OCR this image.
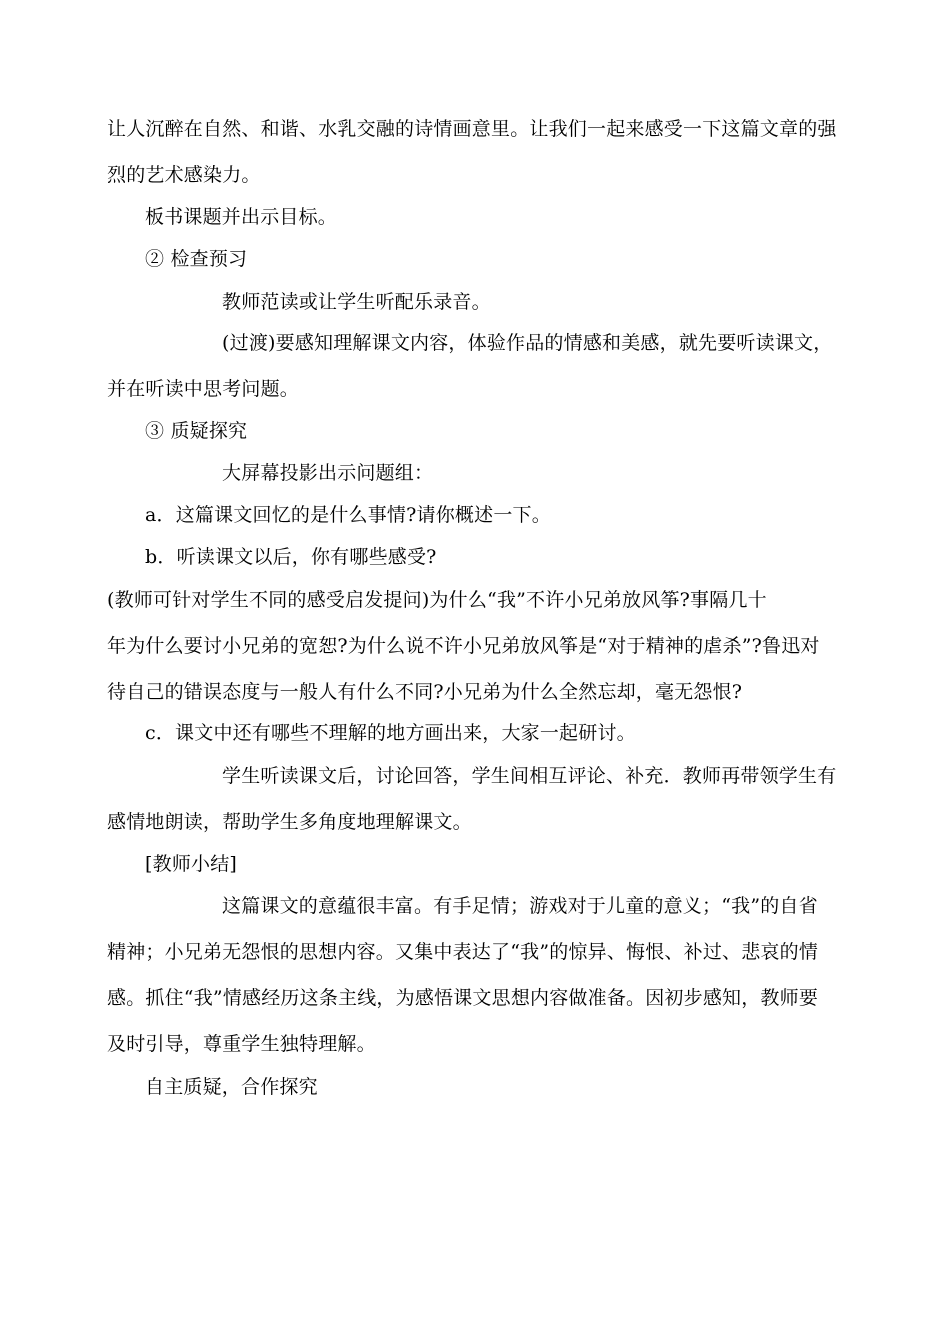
让人沉醉在自然、和谐、水乳交融的诗情画意里。让我们一起来感受一下这篇文章的强
烈的艺术感染力。
板书课题并出示目标。
② 检查预习
教师范读或让学生听配乐录音。
(过渡)要感知理解课文内容，体验作品的情感和美感，就先要听读课文，
并在听读中思考问题。
③ 质疑探究
大屏幕投影出示问题组：
a．这篇课文回忆的是什么事情?请你概述一下。
b．听读课文以后，你有哪些感受?
(教师可针对学生不同的感受启发提问)为什么“我”不许小兄弟放风筝?事隔几十
年为什么要讨小兄弟的宽恕?为什么说不许小兄弟放风筝是“对于精神的虐杀”?鲁迅对
待自己的错误态度与一般人有什么不同?小兄弟为什么全然忘却，毫无怨恨?
c．课文中还有哪些不理解的地方画出来，大家一起研讨。
学生听读课文后，讨论回答，学生间相互评论、补充．教师再带领学生有
感情地朗读，帮助学生多角度地理解课文。
[教师小结]
这篇课文的意蕴很丰富。有手足情；游戏对于儿童的意义；“我”的自省
精神；小兄弟无怨恨的思想内容。又集中表达了“我”的惊异、悔恨、补过、悲哀的情
感。抓住“我”情感经历这条主线，为感悟课文思想内容做准备。因初步感知，教师要
及时引导，尊重学生独特理解。
自主质疑，合作探究
